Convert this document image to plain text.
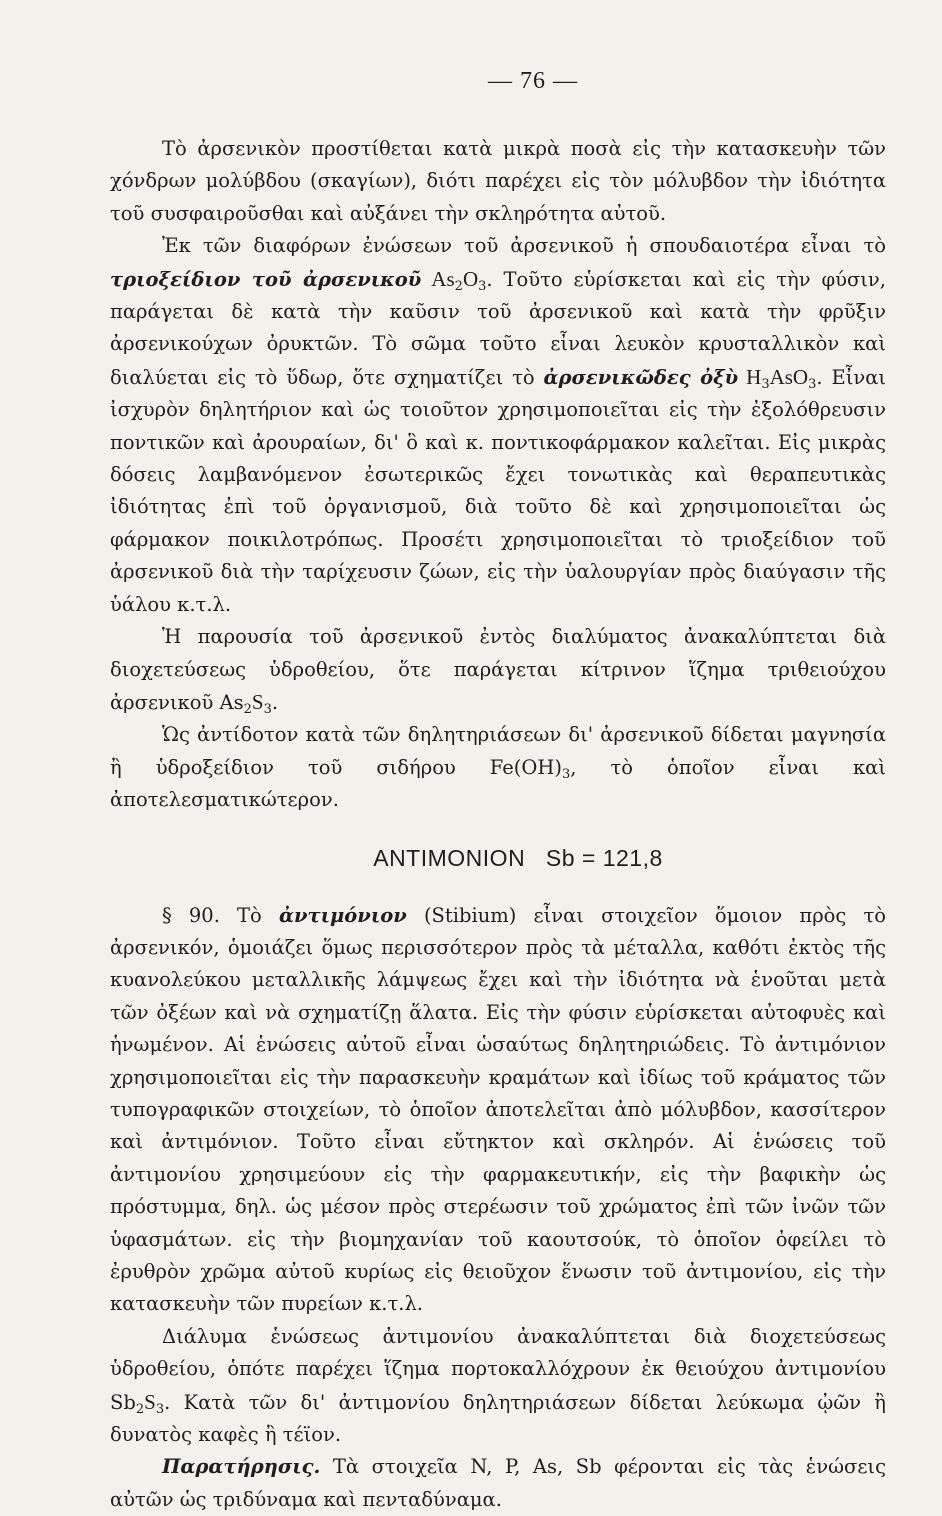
— 76 —

Τὸ ἀρσενικὸν προστίθεται κατὰ μικρὰ ποσὰ εἰς τὴν κατασκευὴν τῶν χόνδρων μολύβδου (σκαγίων), διότι παρέχει εἰς τὸν μόλυβδον τὴν ἰδιότητα τοῦ συσφαιροῦσθαι καὶ αὐξάνει τὴν σκληρότητα αὐτοῦ.

Ἐκ τῶν διαφόρων ἐνώσεων τοῦ ἀρσενικοῦ ἡ σπουδαιοτέρα εἶναι τὸ τριοξείδιον τοῦ ἀρσενικοῦ $As_2O_3$. Τοῦτο εὑρίσκεται καὶ εἰς τὴν φύσιν, παράγεται δὲ κατὰ τὴν καῦσιν τοῦ ἀρσενικοῦ καὶ κατὰ τὴν φρῦξιν ἀρσενικούχων ὀρυκτῶν. Τὸ σῶμα τοῦτο εἶναι λευκὸν κρυσταλλικὸν καὶ διαλύεται εἰς τὸ ὕδωρ, ὅτε σχηματίζει τὸ ἀρσενικῶδες ὀξὺ $H_3AsO_3$. Εἶναι ἰσχυρὸν δηλητήριον καὶ ὡς τοιοῦτον χρησιμοποιεῖται εἰς τὴν ἐξολόθρευσιν ποντικῶν καὶ ἀρουραίων, δι' ὃ καὶ κ. ποντικοφάρμακον καλεῖται. Εἰς μικρὰς δόσεις λαμβανόμενον ἐσωτερικῶς ἔχει τονωτικὰς καὶ θεραπευτικὰς ἰδιότητας ἐπὶ τοῦ ὀργανισμοῦ, διὰ τοῦτο δὲ καὶ χρησιμοποιεῖται ὡς φάρμακον ποικιλοτρόπως. Προσέτι χρησιμοποιεῖται τὸ τριοξείδιον τοῦ ἀρσενικοῦ διὰ τὴν ταρίχευσιν ζώων, εἰς τὴν ὑαλουργίαν πρὸς διαύγασιν τῆς ὑάλου κ.τ.λ.

Ἡ παρουσία τοῦ ἀρσενικοῦ ἐντὸς διαλύματος ἀνακαλύπτεται διὰ διοχετεύσεως ὑδροθείου, ὅτε παράγεται κίτρινον ἵζημα τριθειούχου ἀρσενικοῦ $As_2S_3$.

Ὡς ἀντίδοτον κατὰ τῶν δηλητηριάσεων δι' ἀρσενικοῦ δίδεται μαγνησία ἢ ὑδροξείδιον τοῦ σιδήρου $Fe(OH)_3$, τὸ ὁποῖον εἶναι καὶ ἀποτελεσματικώτερον.

ANTIMONION Sb = 121,8

§ 90. Τὸ ἀντιμόνιον (Stibium) εἶναι στοιχεῖον ὅμοιον πρὸς τὸ ἀρσενικόν, ὁμοιάζει ὅμως περισσότερον πρὸς τὰ μέταλλα, καθότι ἐκτὸς τῆς κυανολεύκου μεταλλικῆς λάμψεως ἔχει καὶ τὴν ἰδιότητα νὰ ἑνοῦται μετὰ τῶν ὀξέων καὶ νὰ σχηματίζῃ ἅλατα. Εἰς τὴν φύσιν εὑρίσκεται αὐτοφυὲς καὶ ἡνωμένον. Αἱ ἑνώσεις αὐτοῦ εἶναι ὡσαύτως δηλητηριώδεις. Τὸ ἀντιμόνιον χρησιμοποιεῖται εἰς τὴν παρασκευὴν κραμάτων καὶ ἰδίως τοῦ κράματος τῶν τυπογραφικῶν στοιχείων, τὸ ὁποῖον ἀποτελεῖται ἀπὸ μόλυβδον, κασσίτερον καὶ ἀντιμόνιον. Τοῦτο εἶναι εὔτηκτον καὶ σκληρόν. Αἱ ἑνώσεις τοῦ ἀντιμονίου χρησιμεύουν εἰς τὴν φαρμακευτικήν, εἰς τὴν βαφικὴν ὡς πρόστυμμα, δηλ. ὡς μέσον πρὸς στερέωσιν τοῦ χρώματος ἐπὶ τῶν ἰνῶν τῶν ὑφασμάτων. εἰς τὴν βιομηχανίαν τοῦ καουτσούκ, τὸ ὁποῖον ὀφείλει τὸ ἐρυθρὸν χρῶμα αὐτοῦ κυρίως εἰς θειοῦχον ἕνωσιν τοῦ ἀντιμονίου, εἰς τὴν κατασκευὴν τῶν πυρείων κ.τ.λ.

Διάλυμα ἑνώσεως ἀντιμονίου ἀνακαλύπτεται διὰ διοχετεύσεως ὑδροθείου, ὁπότε παρέχει ἵζημα πορτοκαλλόχρουν ἐκ θειούχου ἀντιμονίου $Sb_2S_3$. Κατὰ τῶν δι' ἀντιμονίου δηλητηριάσεων δίδεται λεύκωμα ᾠῶν ἢ δυνατὸς καφὲς ἢ τέϊον.

Παρατήρησις. Τὰ στοιχεῖα N, P, As, Sb φέρονται εἰς τὰς ἑνώσεις αὐτῶν ὡς τριδύναμα καὶ πενταδύναμα.
